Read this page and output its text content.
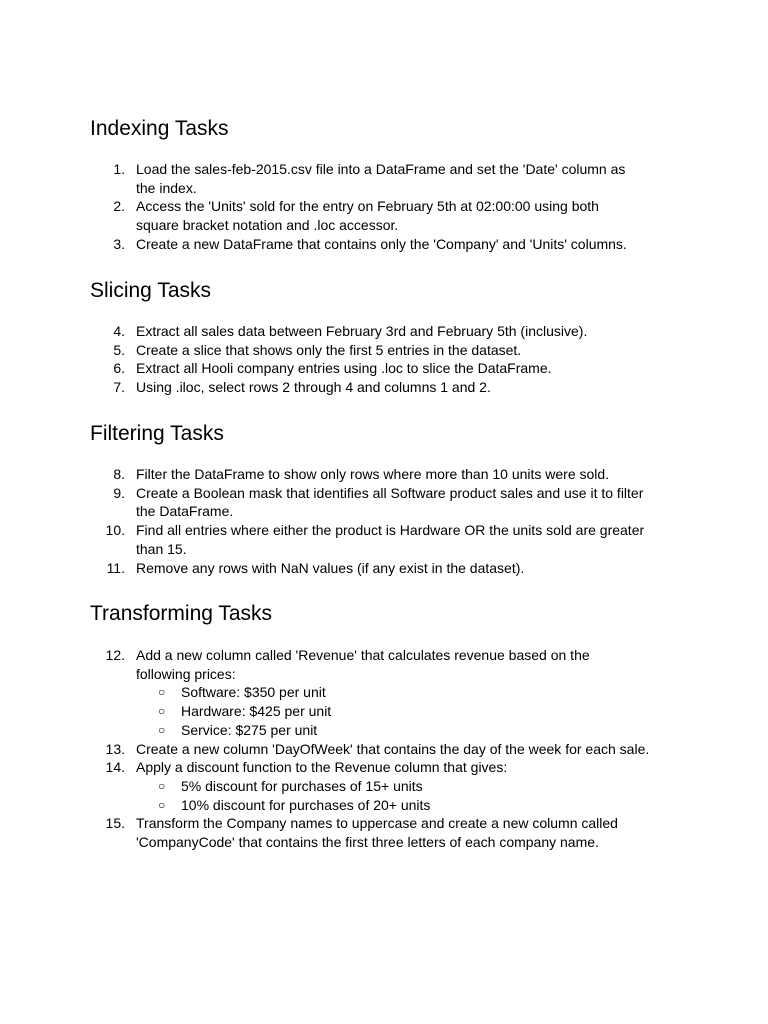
Indexing Tasks
1. Load the sales-feb-2015.csv file into a DataFrame and set the 'Date' column as the index.
2. Access the 'Units' sold for the entry on February 5th at 02:00:00 using both square bracket notation and .loc accessor.
3. Create a new DataFrame that contains only the 'Company' and 'Units' columns.
Slicing Tasks
4. Extract all sales data between February 3rd and February 5th (inclusive).
5. Create a slice that shows only the first 5 entries in the dataset.
6. Extract all Hooli company entries using .loc to slice the DataFrame.
7. Using .iloc, select rows 2 through 4 and columns 1 and 2.
Filtering Tasks
8. Filter the DataFrame to show only rows where more than 10 units were sold.
9. Create a Boolean mask that identifies all Software product sales and use it to filter the DataFrame.
10. Find all entries where either the product is Hardware OR the units sold are greater than 15.
11. Remove any rows with NaN values (if any exist in the dataset).
Transforming Tasks
12. Add a new column called 'Revenue' that calculates revenue based on the following prices:
○ Software: $350 per unit
○ Hardware: $425 per unit
○ Service: $275 per unit
13. Create a new column 'DayOfWeek' that contains the day of the week for each sale.
14. Apply a discount function to the Revenue column that gives:
○ 5% discount for purchases of 15+ units
○ 10% discount for purchases of 20+ units
15. Transform the Company names to uppercase and create a new column called 'CompanyCode' that contains the first three letters of each company name.
